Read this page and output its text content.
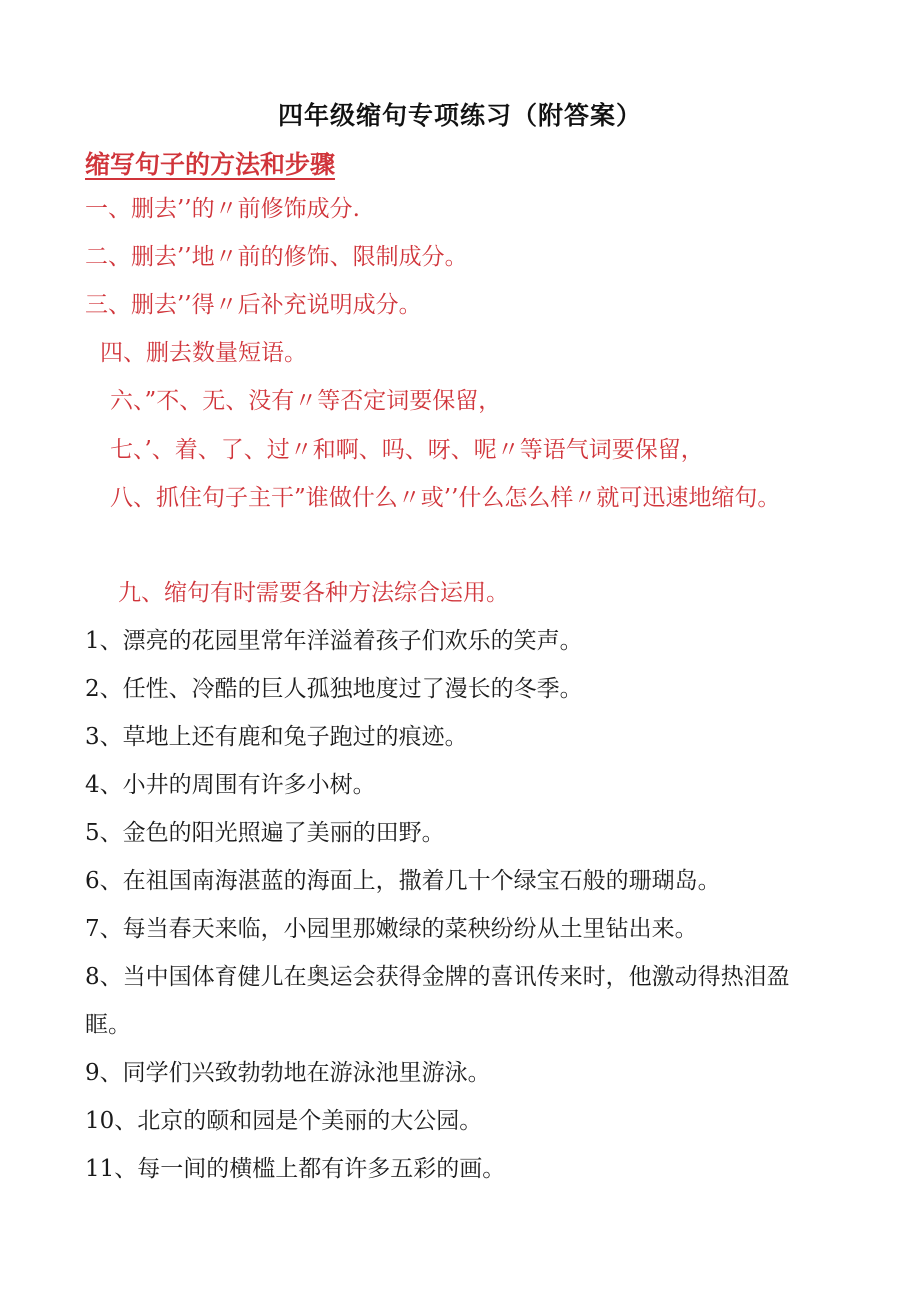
四年级缩句专项练习（附答案）
缩写句子的方法和步骤
一、删去’’的〃前修饰成分.
二、删去’’地〃前的修饰、限制成分。
三、删去’’得〃后补充说明成分。
四、删去数量短语。
六、”不、无、没有〃等否定词要保留，
七、’、着、了、过〃和啊、吗、呀、呢〃等语气词要保留，
八、抓住句子主干”谁做什么〃或’’什么怎么样〃就可迅速地缩句。
九、缩句有时需要各种方法综合运用。
1、漂亮的花园里常年洋溢着孩子们欢乐的笑声。
2、任性、冷酷的巨人孤独地度过了漫长的冬季。
3、草地上还有鹿和兔子跑过的痕迹。
4、小井的周围有许多小树。
5、金色的阳光照遍了美丽的田野。
6、在祖国南海湛蓝的海面上，撒着几十个绿宝石般的珊瑚岛。
7、每当春天来临，小园里那嫩绿的菜秧纷纷从土里钻出来。
8、当中国体育健儿在奥运会获得金牌的喜讯传来时，他激动得热泪盈眶。
9、同学们兴致勃勃地在游泳池里游泳。
10、北京的颐和园是个美丽的大公园。
11、每一间的横槛上都有许多五彩的画。
